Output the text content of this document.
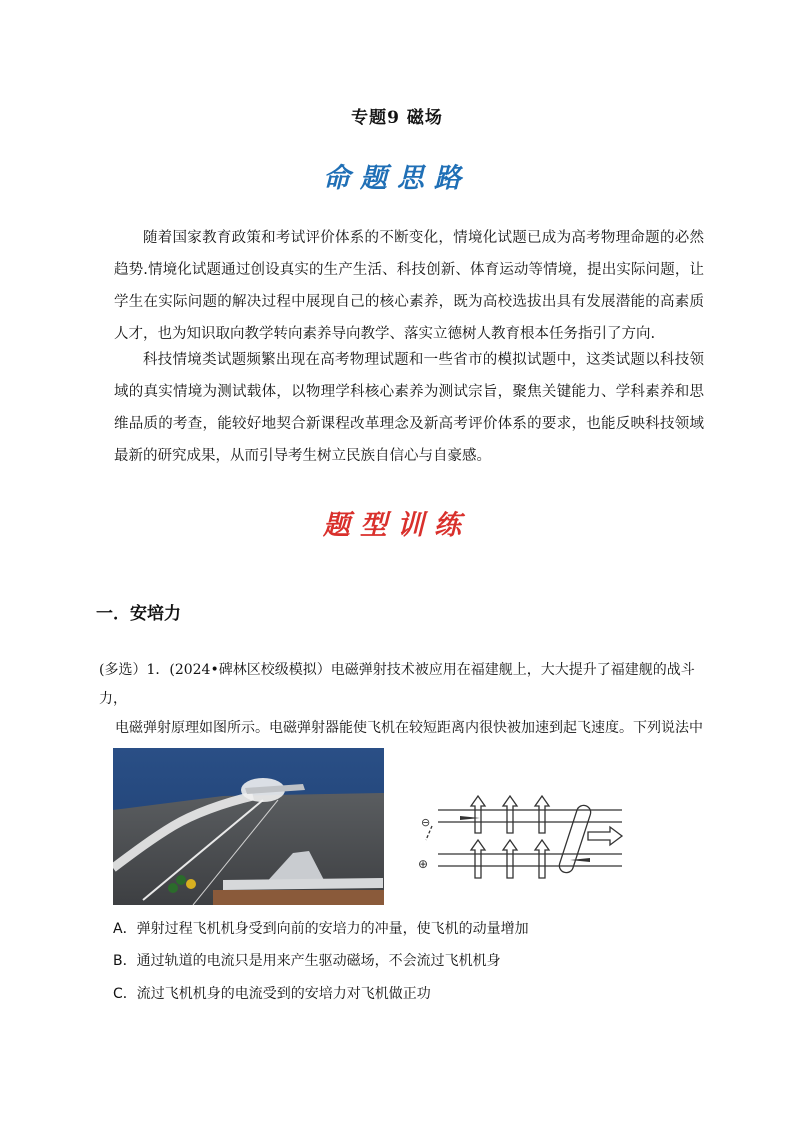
专题9 磁场
命题思路
随着国家教育政策和考试评价体系的不断变化，情境化试题已成为高考物理命题的必然趋势.情境化试题通过创设真实的生产生活、科技创新、体育运动等情境，提出实际问题，让学生在实际问题的解决过程中展现自己的核心素养，既为高校选拔出具有发展潜能的高素质人才，也为知识取向教学转向素养导向教学、落实立德树人教育根本任务指引了方向.
科技情境类试题频繁出现在高考物理试题和一些省市的模拟试题中，这类试题以科技领域的真实情境为测试载体，以物理学科核心素养为测试宗旨，聚焦关键能力、学科素养和思维品质的考查，能较好地契合新课程改革理念及新高考评价体系的要求，也能反映科技领域最新的研究成果，从而引导考生树立民族自信心与自豪感。
题型训练
一．安培力
(多选）1．(2024•碑林区校级模拟）电磁弹射技术被应用在福建舰上，大大提升了福建舰的战斗力，
电磁弹射原理如图所示。电磁弹射器能使飞机在较短距离内很快被加速到起飞速度。下列说法中
⊖
⊕
A．弹射过程飞机机身受到向前的安培力的冲量，使飞机的动量增加
B．通过轨道的电流只是用来产生驱动磁场，不会流过飞机机身
C．流过飞机机身的电流受到的安培力对飞机做正功
